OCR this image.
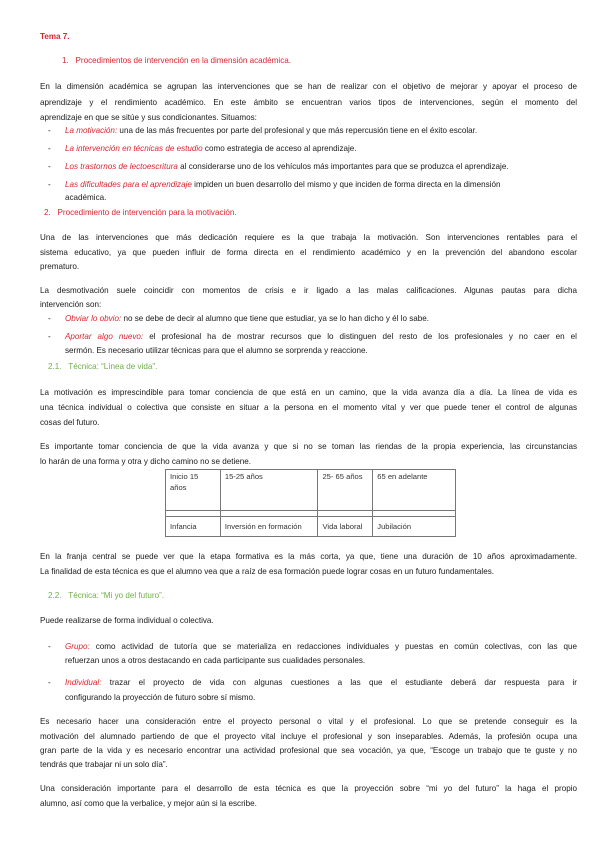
Tema 7.
1. Procedimientos de intervención en la dimensión académica.
En la dimensión académica se agrupan las intervenciones que se han de realizar con el objetivo de mejorar y apoyar el proceso de
aprendizaje y el rendimiento académico. En este ámbito se encuentran varios tipos de intervenciones, según el momento del
aprendizaje en que se sitúe y sus condicionantes. Situamos:
- La motivación: una de las más frecuentes por parte del profesional y que más repercusión tiene en el éxito escolar.
- La intervención en técnicas de estudio como estrategia de acceso al aprendizaje.
- Los trastornos de lectoescritura al considerarse uno de los vehículos más importantes para que se produzca el aprendizaje.
- Las dificultades para el aprendizaje impiden un buen desarrollo del mismo y que inciden de forma directa en la dimensión
académica.
2. Procedimiento de intervención para la motivación.
Una de las intervenciones que más dedicación requiere es la que trabaja la motivación. Son intervenciones rentables para el
sistema educativo, ya que pueden influir de forma directa en el rendimiento académico y en la prevención del abandono escolar
prematuro.
La desmotivación suele coincidir con momentos de crisis e ir ligado a las malas calificaciones. Algunas pautas para dicha
intervención son:
- Obviar lo obvio: no se debe de decir al alumno que tiene que estudiar, ya se lo han dicho y él lo sabe.
- Aportar algo nuevo: el profesional ha de mostrar recursos que lo distinguen del resto de los profesionales y no caer en el
sermón. Es necesario utilizar técnicas para que el alumno se sorprenda y reaccione.
2.1. Técnica: “Línea de vida”.
La motivación es imprescindible para tomar conciencia de que está en un camino, que la vida avanza día a día. La línea de vida es
una técnica individual o colectiva que consiste en situar a la persona en el momento vital y ver que puede tener el control de algunas
cosas del futuro.
Es importante tomar conciencia de que la vida avanza y que si no se toman las riendas de la propia experiencia, las circunstancias
lo harán de una forma y otra y dicho camino no se detiene.
Inicio 15 años	15-25 años	25- 65 años	65 en adelante

Infancia	Inversión en formación	Vida laboral	Jubilación
En la franja central se puede ver que la etapa formativa es la más corta, ya que, tiene una duración de 10 años aproximadamente.
La finalidad de esta técnica es que el alumno vea que a raíz de esa formación puede lograr cosas en un futuro fundamentales.
2.2. Técnica: “Mi yo del futuro”.
Puede realizarse de forma individual o colectiva.
- Grupo: como actividad de tutoría que se materializa en redacciones individuales y puestas en común colectivas, con las que
refuerzan unos a otros destacando en cada participante sus cualidades personales.
- Individual: trazar el proyecto de vida con algunas cuestiones a las que el estudiante deberá dar respuesta para ir
configurando la proyección de futuro sobre sí mismo.
Es necesario hacer una consideración entre el proyecto personal o vital y el profesional. Lo que se pretende conseguir es la
motivación del alumnado partiendo de que el proyecto vital incluye el profesional y son inseparables. Además, la profesión ocupa una
gran parte de la vida y es necesario encontrar una actividad profesional que sea vocación, ya que, “Escoge un trabajo que te guste y no
tendrás que trabajar ni un solo día”.
Una consideración importante para el desarrollo de esta técnica es que la proyección sobre “mi yo del futuro” la haga el propio
alumno, así como que la verbalice, y mejor aún si la escribe.
